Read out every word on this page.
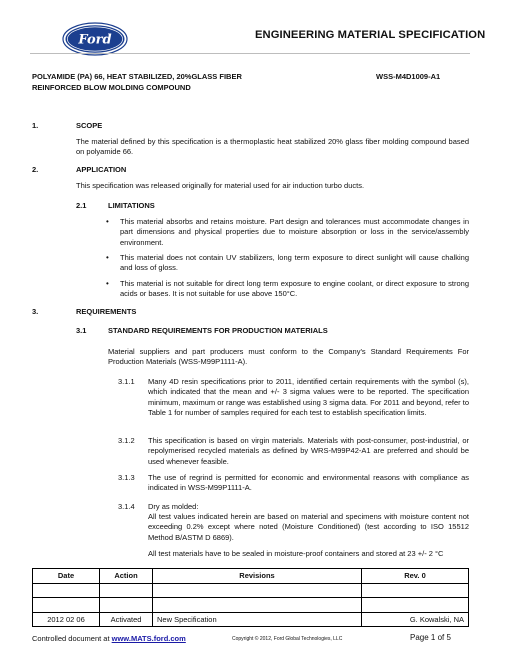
Ford	ENGINEERING MATERIAL SPECIFICATION
POLYAMIDE (PA) 66, HEAT STABILIZED, 20%GLASS FIBER
REINFORCED BLOW MOLDING COMPOUND
WSS-M4D1009-A1
1.	SCOPE
The material defined by this specification is a thermoplastic heat stabilized 20% glass fiber molding compound based on polyamide 66.
2.	APPLICATION
This specification was released originally for material used for air induction turbo ducts.
2.1	LIMITATIONS
• This material absorbs and retains moisture. Part design and tolerances must accommodate changes in part dimensions and physical properties due to moisture absorption or loss in the service/assembly environment.
• This material does not contain UV stabilizers, long term exposure to direct sunlight will cause chalking and loss of gloss.
• This material is not suitable for direct long term exposure to engine coolant, or direct exposure to strong acids or bases. It is not suitable for use above 150°C.
3.	REQUIREMENTS
3.1	STANDARD REQUIREMENTS FOR PRODUCTION MATERIALS
Material suppliers and part producers must conform to the Company's Standard Requirements For Production Materials (WSS-M99P1111-A).
3.1.1 Many 4D resin specifications prior to 2011, identified certain requirements with the symbol (s), which indicated that the mean and +/- 3 sigma values were to be reported. The specification minimum, maximum or range was established using 3 sigma data. For 2011 and beyond, refer to Table 1 for number of samples required for each test to establish specification limits.
3.1.2 This specification is based on virgin materials. Materials with post-consumer, post-industrial, or repolymerised recycled materials as defined by WRS-M99P42-A1 are preferred and should be used whenever feasible.
3.1.3 The use of regrind is permitted for economic and environmental reasons with compliance as indicated in WSS-M99P1111-A.
3.1.4 Dry as molded:
All test values indicated herein are based on material and specimens with moisture content not exceeding 0.2% except where noted (Moisture Conditioned) (test according to ISO 15512 Method B/ASTM D 6869).
All test materials have to be sealed in moisture-proof containers and stored at 23 +/- 2 °C
Date	Action	Revisions	Rev. 0

2012 02 06	Activated	New Specification	G. Kowalski, NA
Controlled document at www.MATS.ford.com	Copyright © 2012, Ford Global Technologies, LLC	Page 1 of 5
